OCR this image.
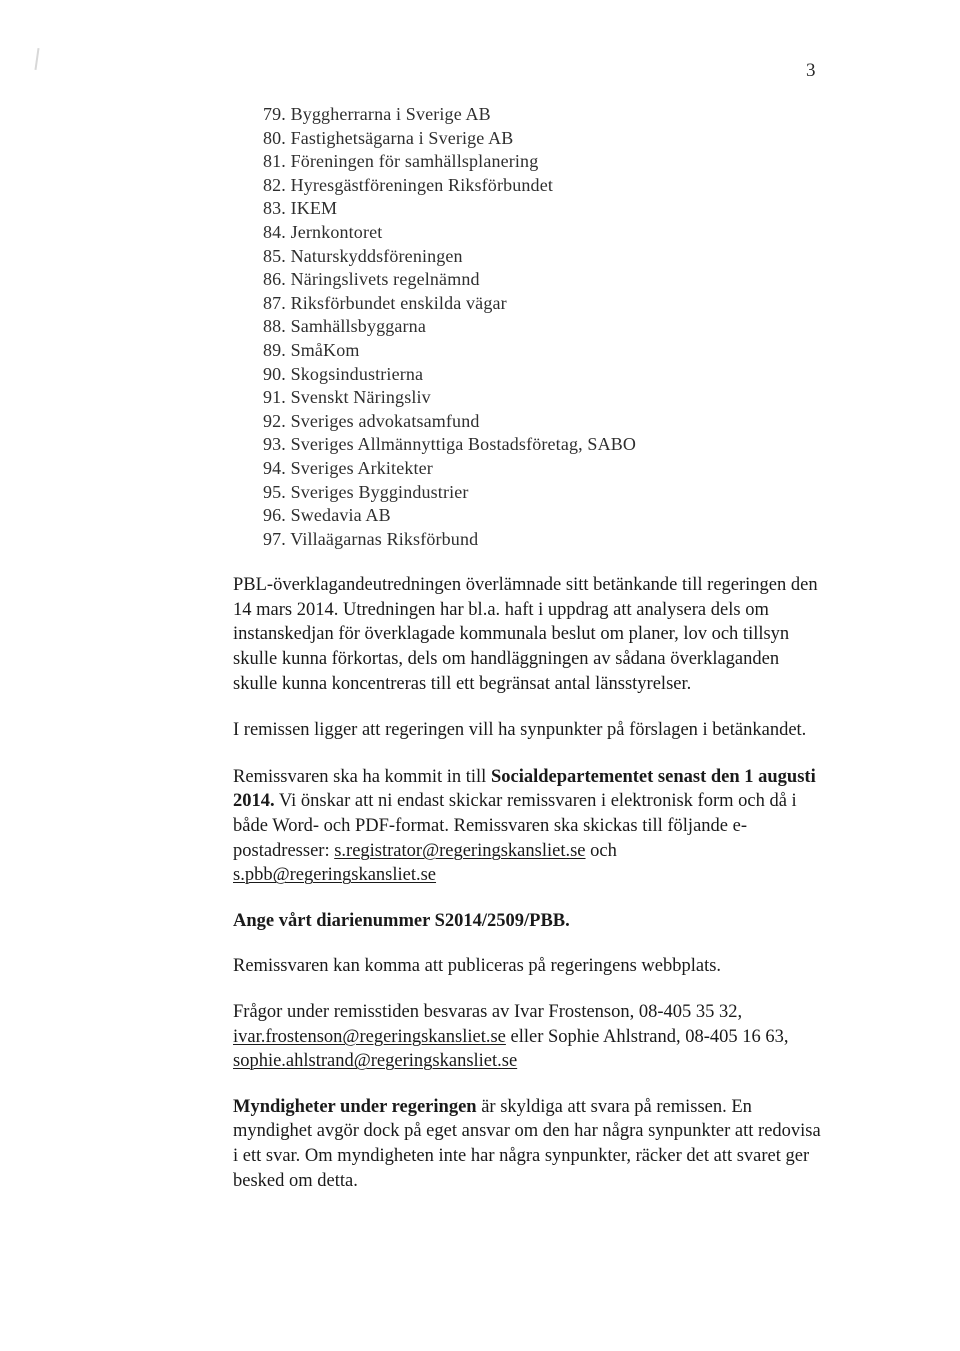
3
79. Byggherrarna i Sverige AB
80. Fastighetsägarna i Sverige AB
81. Föreningen för samhällsplanering
82. Hyresgästföreningen Riksförbundet
83. IKEM
84. Jernkontoret
85. Naturskyddsföreningen
86. Näringslivets regelnämnd
87. Riksförbundet enskilda vägar
88. Samhällsbyggarna
89. SmåKom
90. Skogsindustrierna
91. Svenskt Näringsliv
92. Sveriges advokatsamfund
93. Sveriges Allmännyttiga Bostadsföretag, SABO
94. Sveriges Arkitekter
95. Sveriges Byggindustrier
96. Swedavia AB
97. Villaägarnas Riksförbund

PBL-överklagandeutredningen överlämnade sitt betänkande till regeringen den 14 mars 2014. Utredningen har bl.a. haft i uppdrag att analysera dels om instanskedjan för överklagade kommunala beslut om planer, lov och tillsyn skulle kunna förkortas, dels om handläggningen av sådana överklaganden skulle kunna koncentreras till ett begränsat antal länsstyrelser.

I remissen ligger att regeringen vill ha synpunkter på förslagen i betänkandet.

Remissvaren ska ha kommit in till Socialdepartementet senast den 1 augusti 2014. Vi önskar att ni endast skickar remissvaren i elektronisk form och då i både Word- och PDF-format. Remissvaren ska skickas till följande e-postadresser: s.registrator@regeringskansliet.se och s.pbb@regeringskansliet.se

Ange vårt diarienummer S2014/2509/PBB.

Remissvaren kan komma att publiceras på regeringens webbplats.

Frågor under remisstiden besvaras av Ivar Frostenson, 08-405 35 32, ivar.frostenson@regeringskansliet.se eller Sophie Ahlstrand, 08-405 16 63, sophie.ahlstrand@regeringskansliet.se

Myndigheter under regeringen är skyldiga att svara på remissen. En myndighet avgör dock på eget ansvar om den har några synpunkter att redovisa i ett svar. Om myndigheten inte har några synpunkter, räcker det att svaret ger besked om detta.
